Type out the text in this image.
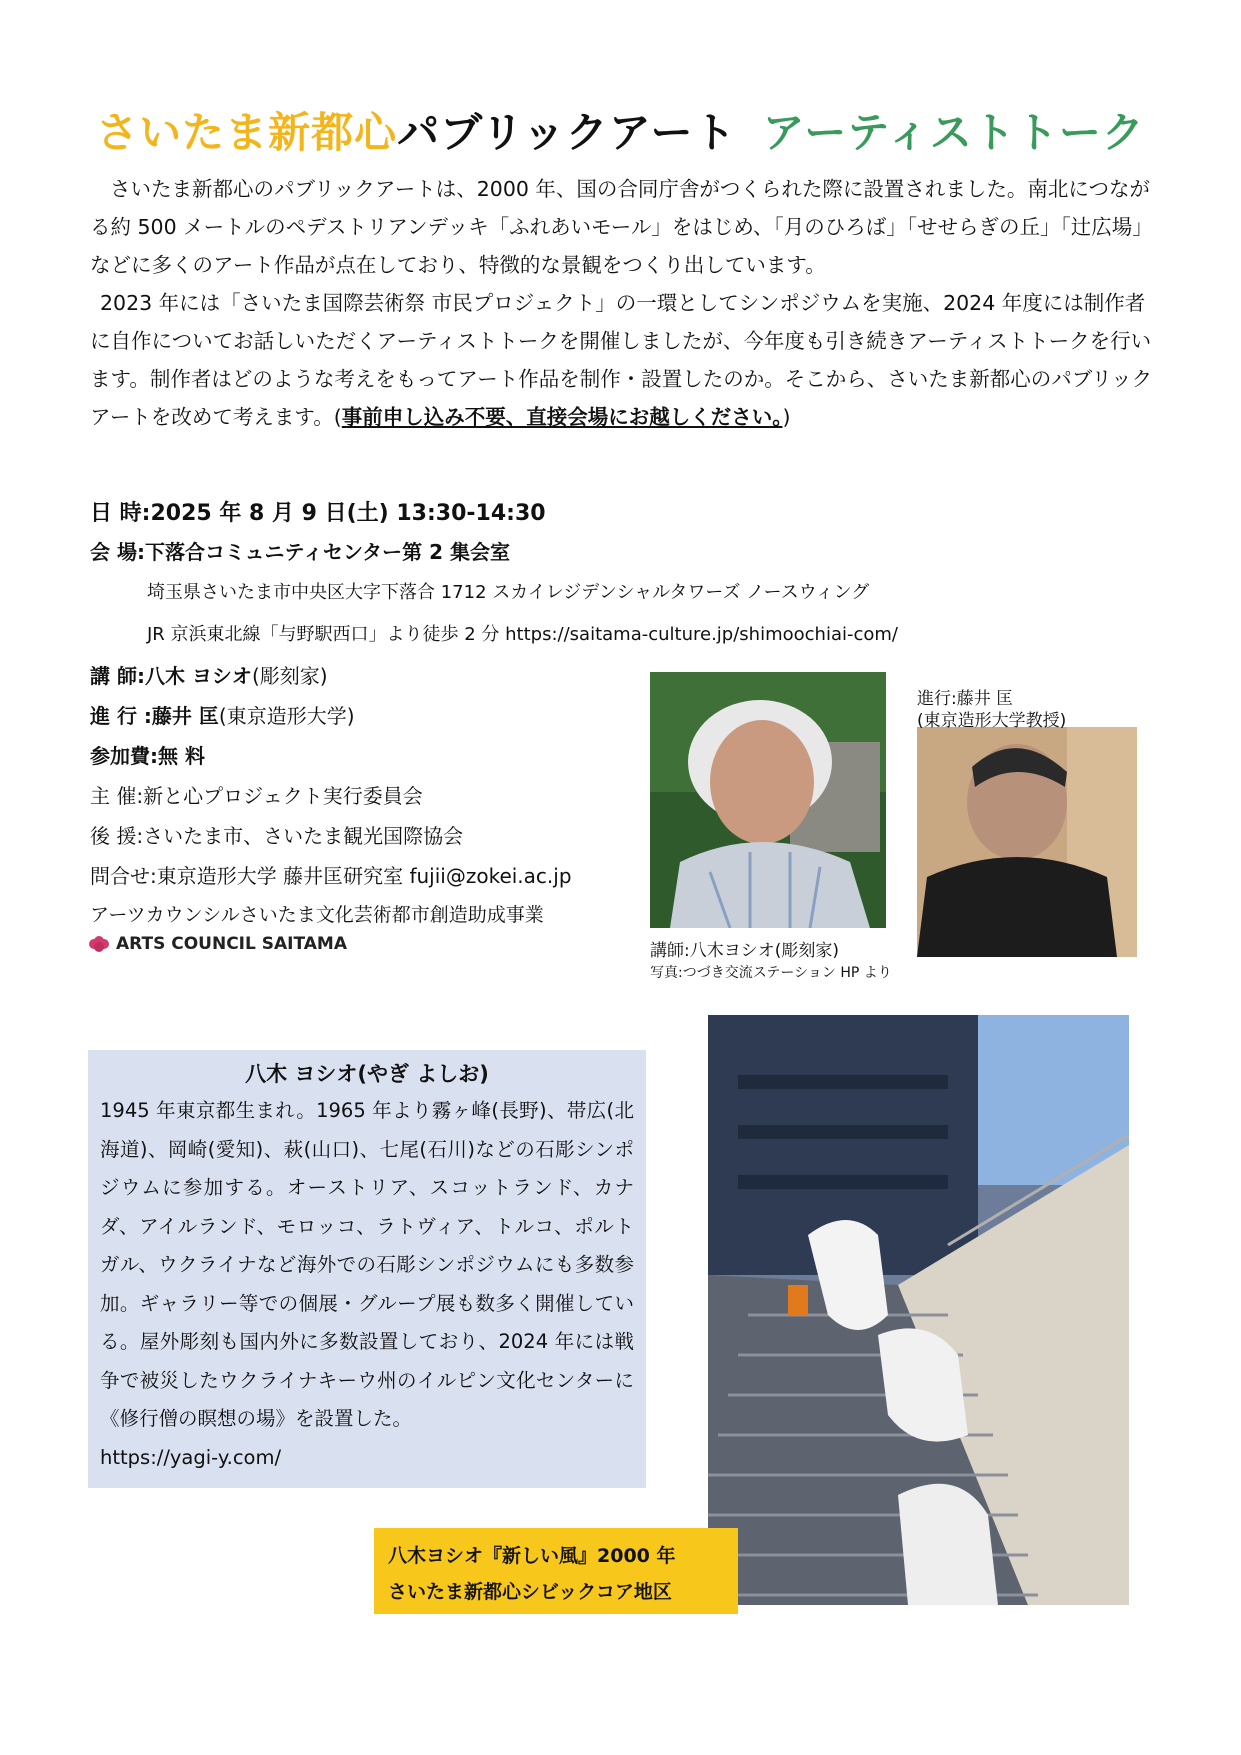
さいたま新都心パブリックアート アーティストトーク

さいたま新都心のパブリックアートは、2000 年、国の合同庁舎がつくられた際に設置されました。南北につながる約 500 メートルのペデストリアンデッキ「ふれあいモール」をはじめ、「月のひろば」「せせらぎの丘」「辻広場」などに多くのアート作品が点在しており、特徴的な景観をつくり出しています。

2023 年には「さいたま国際芸術祭 市民プロジェクト」の一環としてシンポジウムを実施、2024 年度には制作者に自作についてお話しいただくアーティストトークを開催しましたが、今年度も引き続きアーティストトークを行います。制作者はどのような考えをもってアート作品を制作・設置したのか。そこから、さいたま新都心のパブリックアートを改めて考えます。(事前申し込み不要、直接会場にお越しください。)

日 時:2025 年 8 月 9 日(土) 13:30-14:30
会 場:下落合コミュニティセンター第 2 集会室
埼玉県さいたま市中央区大字下落合 1712 スカイレジデンシャルタワーズ ノースウィング
JR 京浜東北線「与野駅西口」より徒歩 2 分 https://saitama-culture.jp/shimoochiai-com/
講 師:八木 ヨシオ(彫刻家)
進 行 :藤井 匡(東京造形大学)
参加費:無 料
主 催:新と心プロジェクト実行委員会
後 援:さいたま市、さいたま観光国際協会
問合せ:東京造形大学 藤井匡研究室 fujii@zokei.ac.jp
アーツカウンシルさいたま文化芸術都市創造助成事業
ARTS COUNCIL SAITAMA
進行:藤井 匡
(東京造形大学教授)
講師:八木ヨシオ(彫刻家)
写真:つづき交流ステーション HP より
八木 ヨシオ(やぎ よしお)
1945 年東京都生まれ。1965 年より霧ヶ峰(長野)、帯広(北海道)、岡崎(愛知)、萩(山口)、七尾(石川)などの石彫シンポジウムに参加する。オーストリア、スコットランド、カナダ、アイルランド、モロッコ、ラトヴィア、トルコ、ポルトガル、ウクライナなど海外での石彫シンポジウムにも多数参加。ギャラリー等での個展・グループ展も数多く開催している。屋外彫刻も国内外に多数設置しており、2024 年には戦争で被災したウクライナキーウ州のイルピン文化センターに《修行僧の瞑想の場》を設置した。
https://yagi-y.com/
八木ヨシオ『新しい風』2000 年
さいたま新都心シビックコア地区
